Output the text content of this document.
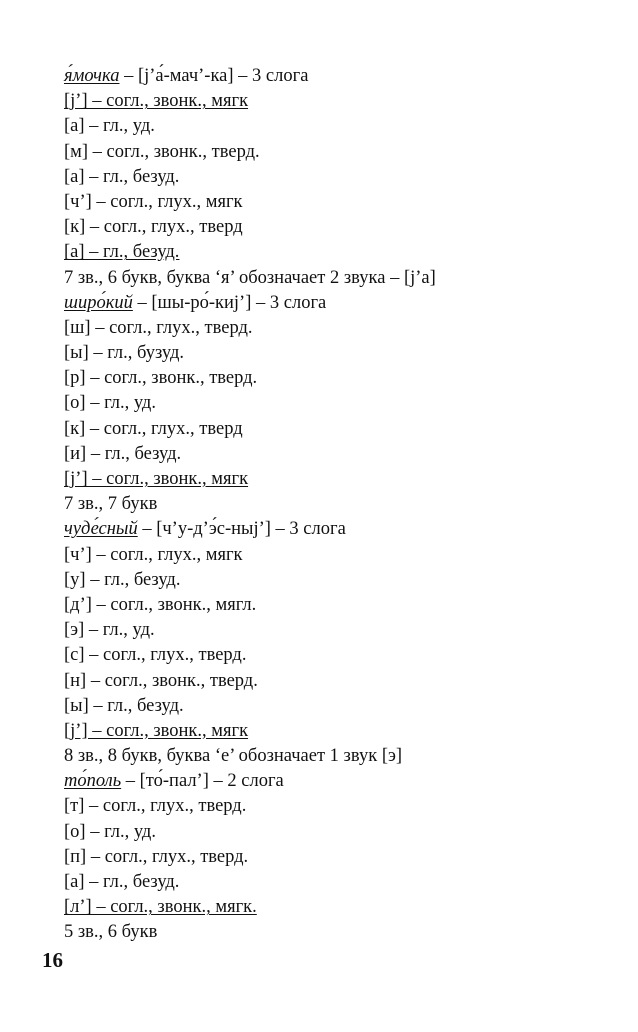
я́мочка – [j’а́-мач’-ка] – 3 слога
[j’] – согл., звонк., мягк
[а] – гл., уд.
[м] – согл., звонк., тверд.
[а] – гл., безуд.
[ч’] – согл., глух., мягк
[к] – согл., глух., тверд
[а] – гл., безуд.
7 зв., 6 букв, буква ‘я’ обозначает 2 звука – [j’а]
широ́кий – [шы-ро́-киj’] – 3 слога
[ш] – согл., глух., тверд.
[ы] – гл., бузуд.
[р] – согл., звонк., тверд.
[о] – гл., уд.
[к] – согл., глух., тверд
[и] – гл., безуд.
[j’] – согл., звонк., мягк
7 зв., 7 букв
чуде́сный – [ч’у-д’э́с-ныj’] – 3 слога
[ч’] – согл., глух., мягк
[у] – гл., безуд.
[д’] – согл., звонк., мягл.
[э] – гл., уд.
[с] – согл., глух., тверд.
[н] – согл., звонк., тверд.
[ы] – гл., безуд.
[j’] – согл., звонк., мягк
8 зв., 8 букв, буква ‘е’ обозначает 1 звук [э]
то́поль – [то́-пал’] – 2 слога
[т] – согл., глух., тверд.
[о] – гл., уд.
[п] – согл., глух., тверд.
[а] – гл., безуд.
[л’] – согл., звонк., мягк.
5 зв., 6 букв
16
